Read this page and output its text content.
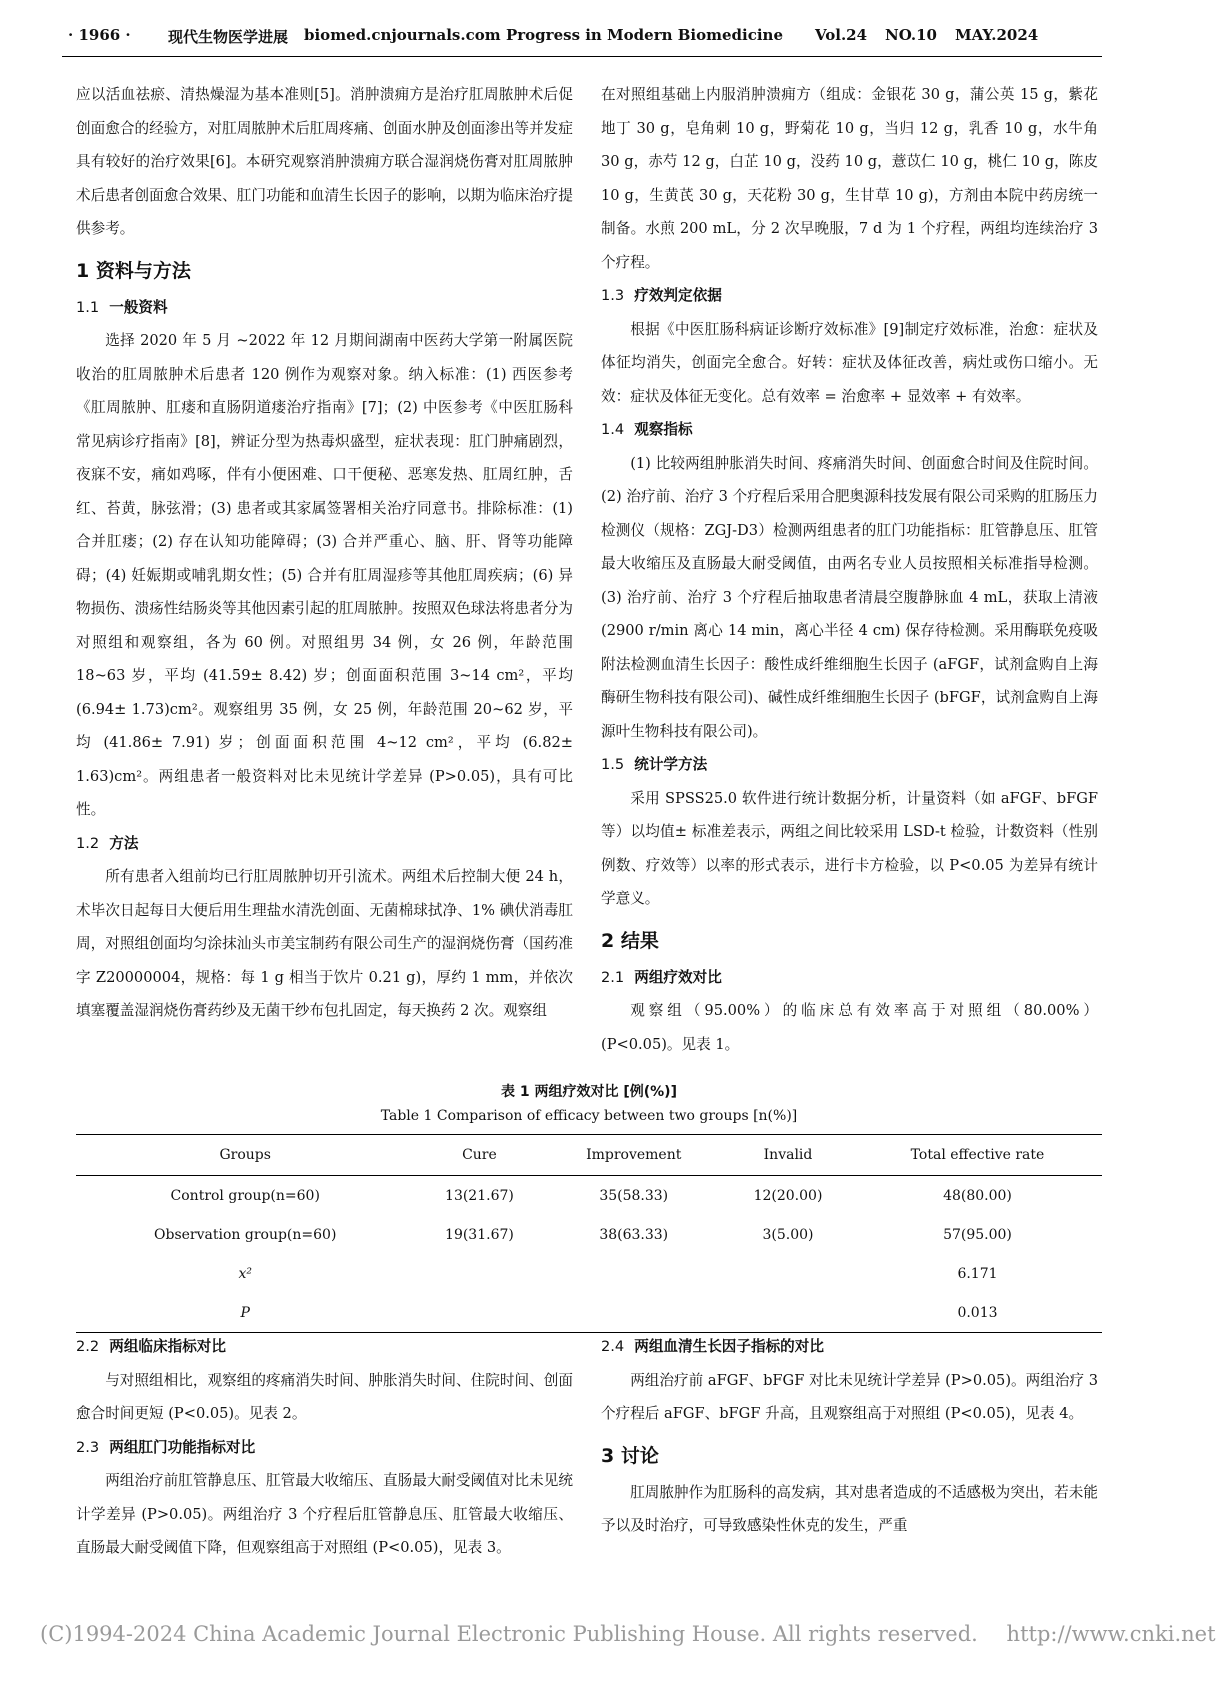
· 1966 · 现代生物医学进展 biomed.cnjournals.com Progress in Modern Biomedicine Vol.24 NO.10 MAY.2024

应以活血祛瘀、清热燥湿为基本准则[5]。消肿溃痈方是治疗肛周脓肿术后促创面愈合的经验方，对肛周脓肿术后肛周疼痛、创面水肿及创面渗出等并发症具有较好的治疗效果[6]。本研究观察消肿溃痈方联合湿润烧伤膏对肛周脓肿术后患者创面愈合效果、肛门功能和血清生长因子的影响，以期为临床治疗提供参考。

1 资料与方法
1.1 一般资料

选择 2020 年 5 月 ~2022 年 12 月期间湖南中医药大学第一附属医院收治的肛周脓肿术后患者 120 例作为观察对象。纳入标准：(1) 西医参考《肛周脓肿、肛瘘和直肠阴道瘘治疗指南》[7]；(2) 中医参考《中医肛肠科常见病诊疗指南》[8]，辨证分型为热毒炽盛型，症状表现：肛门肿痛剧烈，夜寐不安，痛如鸡啄，伴有小便困难、口干便秘、恶寒发热、肛周红肿，舌红、苔黄，脉弦滑；(3) 患者或其家属签署相关治疗同意书。排除标准：(1) 合并肛瘘；(2) 存在认知功能障碍；(3) 合并严重心、脑、肝、肾等功能障碍；(4) 妊娠期或哺乳期女性；(5) 合并有肛周湿疹等其他肛周疾病；(6) 异物损伤、溃疡性结肠炎等其他因素引起的肛周脓肿。按照双色球法将患者分为对照组和观察组，各为 60 例。对照组男 34 例，女 26 例，年龄范围 18~63 岁，平均 (41.59± 8.42) 岁；创面面积范围 3~14 cm²，平均 (6.94± 1.73)cm²。观察组男 35 例，女 25 例，年龄范围 20~62 岁，平均 (41.86± 7.91) 岁；创面面积范围 4~12 cm²，平均 (6.82± 1.63)cm²。两组患者一般资料对比未见统计学差异 (P>0.05)，具有可比性。

1.2 方法

所有患者入组前均已行肛周脓肿切开引流术。两组术后控制大便 24 h，术毕次日起每日大便后用生理盐水清洗创面、无菌棉球拭净、1% 碘伏消毒肛周，对照组创面均匀涂抹汕头市美宝制药有限公司生产的湿润烧伤膏（国药准字 Z20000004，规格：每 1 g 相当于饮片 0.21 g)，厚约 1 mm，并依次填塞覆盖湿润烧伤膏药纱及无菌干纱布包扎固定，每天换药 2 次。观察组

在对照组基础上内服消肿溃痈方（组成：金银花 30 g，蒲公英 15 g，紫花地丁 30 g，皂角刺 10 g，野菊花 10 g，当归 12 g，乳香 10 g，水牛角 30 g，赤芍 12 g，白芷 10 g，没药 10 g，薏苡仁 10 g，桃仁 10 g，陈皮 10 g，生黄芪 30 g，天花粉 30 g，生甘草 10 g)，方剂由本院中药房统一制备。水煎 200 mL，分 2 次早晚服，7 d 为 1 个疗程，两组均连续治疗 3 个疗程。

1.3 疗效判定依据

根据《中医肛肠科病证诊断疗效标准》[9]制定疗效标准，治愈：症状及体征均消失，创面完全愈合。好转：症状及体征改善，病灶或伤口缩小。无效：症状及体征无变化。总有效率 = 治愈率 + 显效率 + 有效率。

1.4 观察指标

(1) 比较两组肿胀消失时间、疼痛消失时间、创面愈合时间及住院时间。(2) 治疗前、治疗 3 个疗程后采用合肥奥源科技发展有限公司采购的肛肠压力检测仪（规格：ZGJ-D3）检测两组患者的肛门功能指标：肛管静息压、肛管最大收缩压及直肠最大耐受阈值，由两名专业人员按照相关标准指导检测。(3) 治疗前、治疗 3 个疗程后抽取患者清晨空腹静脉血 4 mL，获取上清液 (2900 r/min 离心 14 min，离心半径 4 cm) 保存待检测。采用酶联免疫吸附法检测血清生长因子：酸性成纤维细胞生长因子 (aFGF，试剂盒购自上海酶研生物科技有限公司)、碱性成纤维细胞生长因子 (bFGF，试剂盒购自上海源叶生物科技有限公司)。

1.5 统计学方法

采用 SPSS25.0 软件进行统计数据分析，计量资料（如 aFGF、bFGF 等）以均值± 标准差表示，两组之间比较采用 LSD-t 检验，计数资料（性别例数、疗效等）以率的形式表示，进行卡方检验，以 P<0.05 为差异有统计学意义。

2 结果
2.1 两组疗效对比

观察组（95.00%）的临床总有效率高于对照组（80.00%）(P<0.05)。见表 1。

表 1 两组疗效对比 [例(%)]

Table 1 Comparison of efficacy between two groups [n(%)]

Groups	Cure	Improvement	Invalid	Total effective rate
Control group(n=60)	13(21.67)	35(58.33)	12(20.00)	48(80.00)
Observation group(n=60)	19(31.67)	38(63.33)	3(5.00)	57(95.00)
x²				6.171
P				0.013
2.2 两组临床指标对比

与对照组相比，观察组的疼痛消失时间、肿胀消失时间、住院时间、创面愈合时间更短 (P<0.05)。见表 2。

2.3 两组肛门功能指标对比

两组治疗前肛管静息压、肛管最大收缩压、直肠最大耐受阈值对比未见统计学差异 (P>0.05)。两组治疗 3 个疗程后肛管静息压、肛管最大收缩压、直肠最大耐受阈值下降，但观察组高于对照组 (P<0.05)，见表 3。

2.4 两组血清生长因子指标的对比

两组治疗前 aFGF、bFGF 对比未见统计学差异 (P>0.05)。两组治疗 3 个疗程后 aFGF、bFGF 升高，且观察组高于对照组 (P<0.05)，见表 4。

3 讨论

肛周脓肿作为肛肠科的高发病，其对患者造成的不适感极为突出，若未能予以及时治疗，可导致感染性休克的发生，严重

(C)1994-2024 China Academic Journal Electronic Publishing House. All rights reserved. http://www.cnki.net
